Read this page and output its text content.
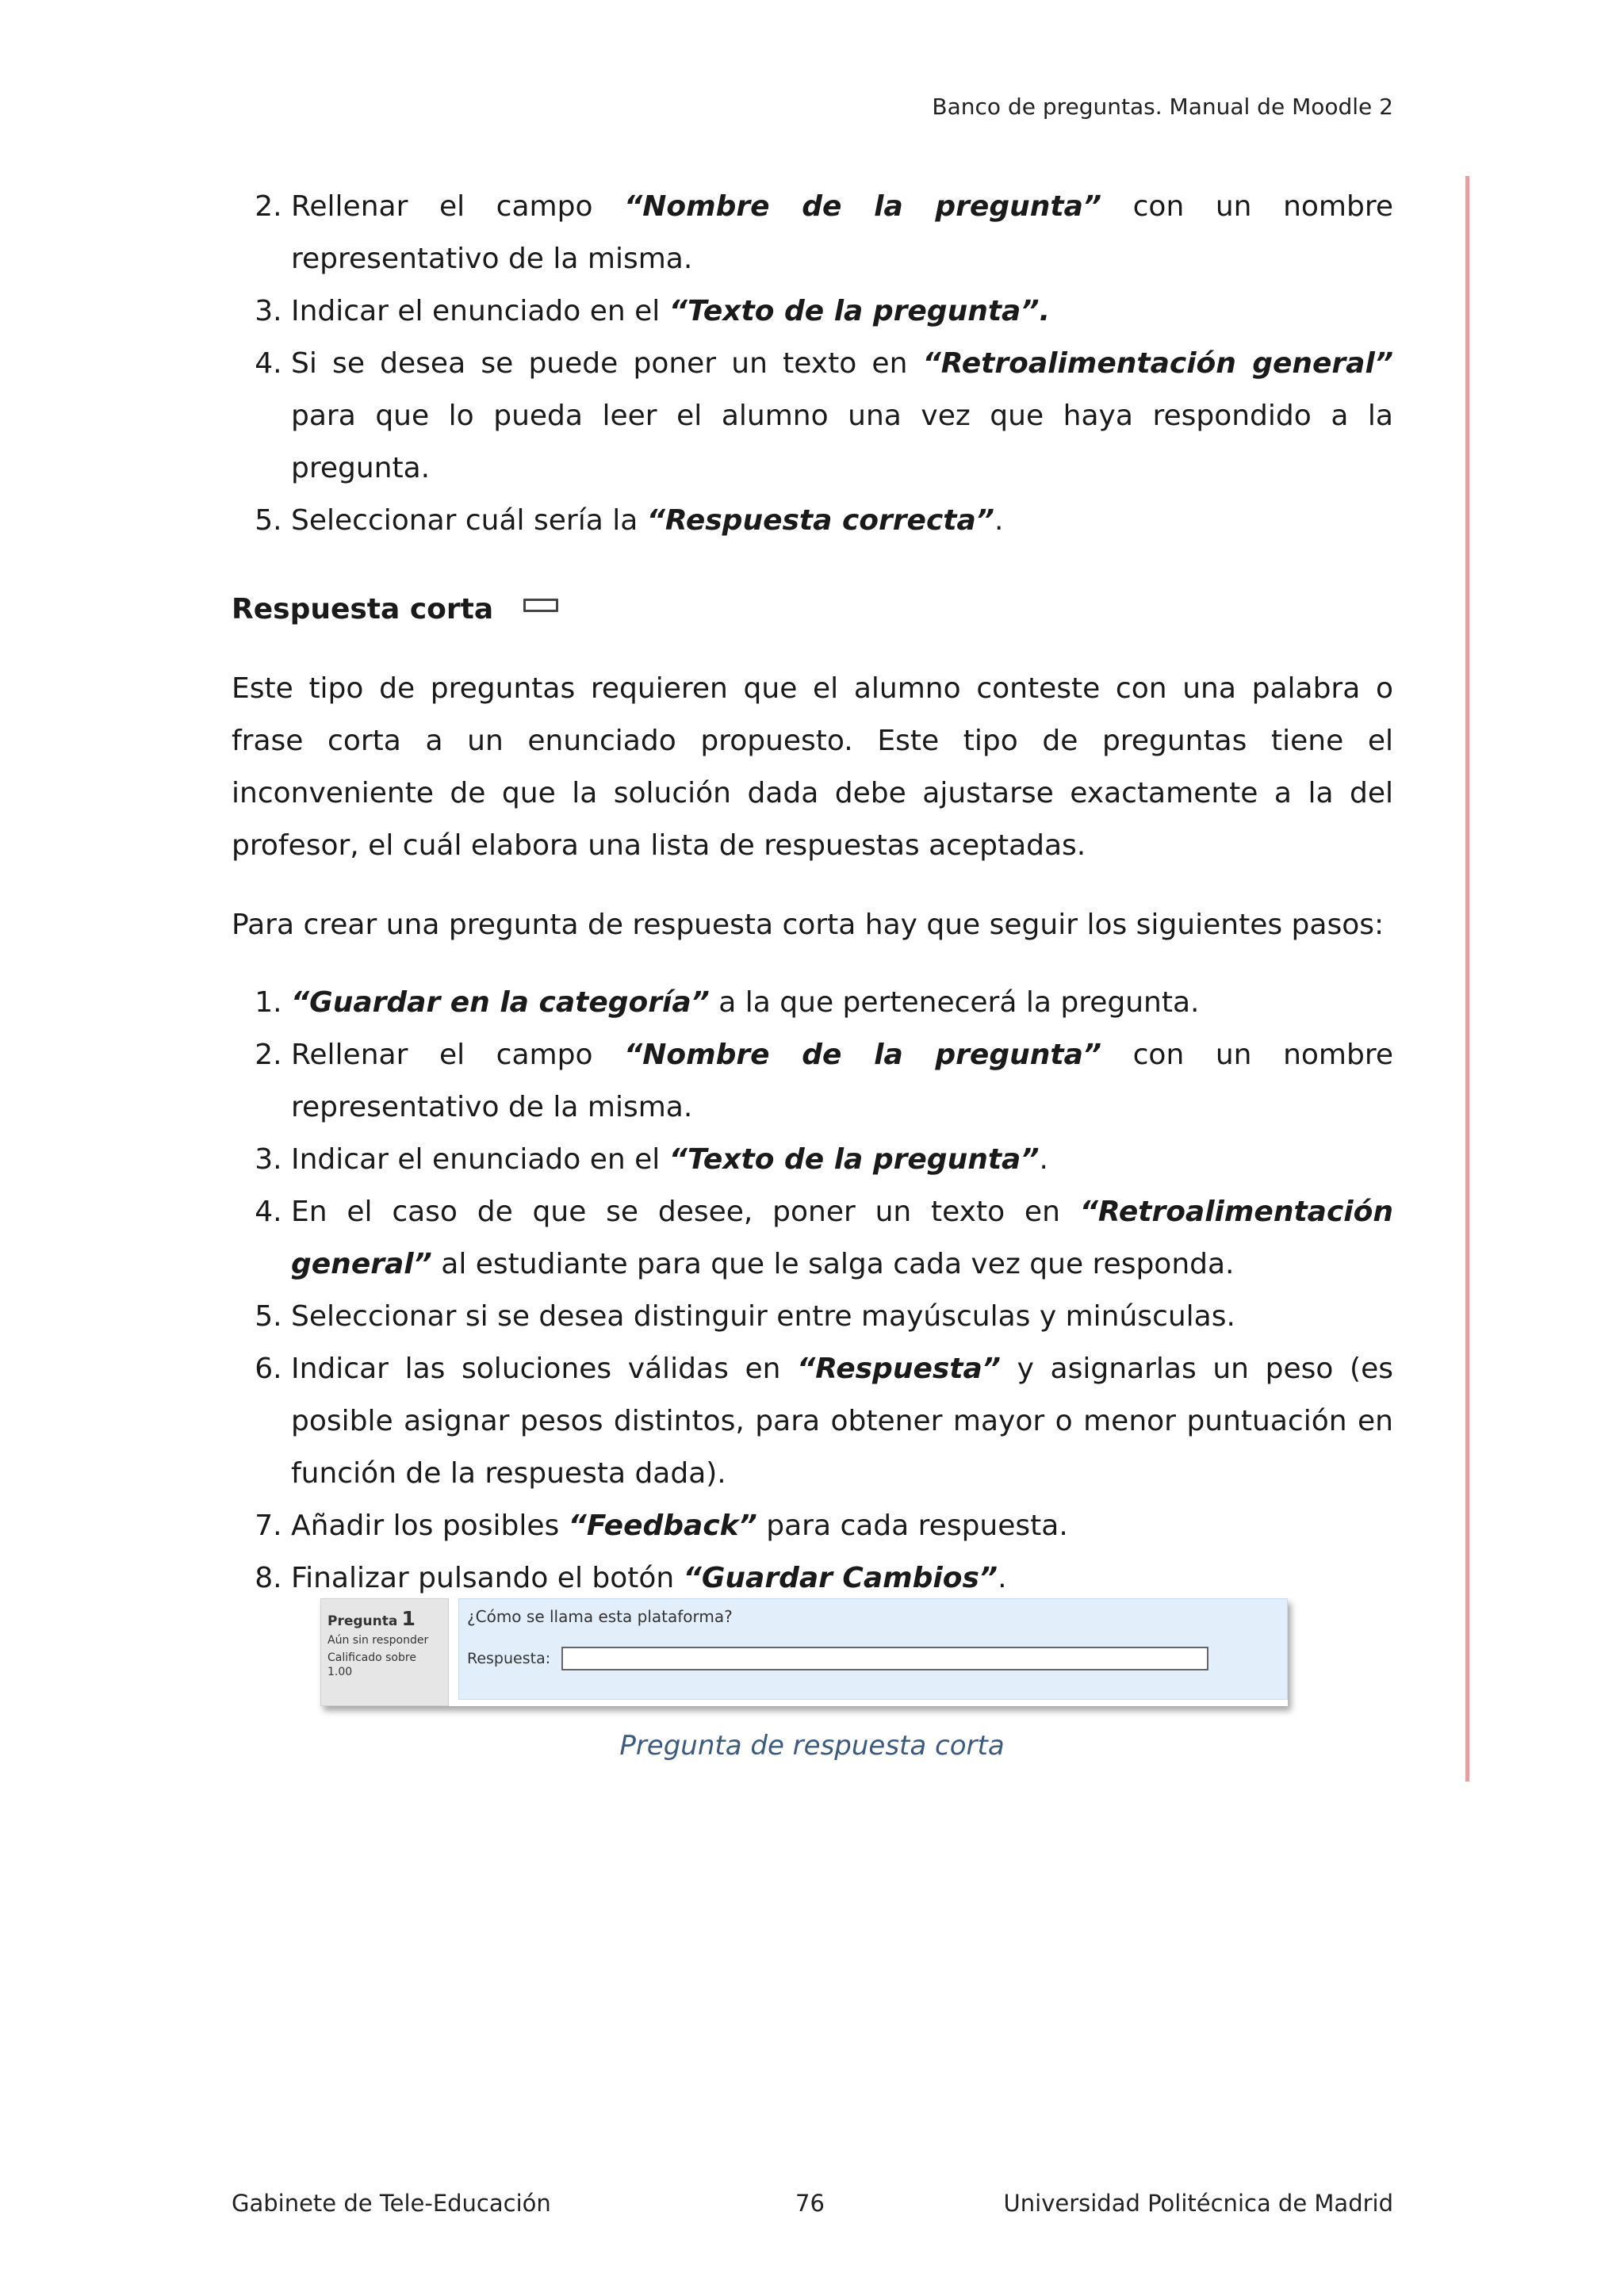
Banco de preguntas. Manual de Moodle 2
2. Rellenar el campo “Nombre de la pregunta” con un nombre representativo de la misma.
3. Indicar el enunciado en el “Texto de la pregunta”.
4. Si se desea se puede poner un texto en “Retroalimentación general” para que lo pueda leer el alumno una vez que haya respondido a la pregunta.
5. Seleccionar cuál sería la “Respuesta correcta”.
Respuesta corta

Este tipo de preguntas requieren que el alumno conteste con una palabra o frase corta a un enunciado propuesto. Este tipo de preguntas tiene el inconveniente de que la solución dada debe ajustarse exactamente a la del profesor, el cuál elabora una lista de respuestas aceptadas.

Para crear una pregunta de respuesta corta hay que seguir los siguientes pasos:

1. “Guardar en la categoría” a la que pertenecerá la pregunta.
2. Rellenar el campo “Nombre de la pregunta” con un nombre representativo de la misma.
3. Indicar el enunciado en el “Texto de la pregunta”.
4. En el caso de que se desee, poner un texto en “Retroalimentación general” al estudiante para que le salga cada vez que responda.
5. Seleccionar si se desea distinguir entre mayúsculas y minúsculas.
6. Indicar las soluciones válidas en “Respuesta” y asignarlas un peso (es posible asignar pesos distintos, para obtener mayor o menor puntuación en función de la respuesta dada).
7. Añadir los posibles “Feedback” para cada respuesta.
8. Finalizar pulsando el botón “Guardar Cambios”.
Pregunta 1
Aún sin responder
Calificado sobre 1.00
¿Cómo se llama esta plataforma?
Respuesta:
Pregunta de respuesta corta
Gabinete de Tele-Educación	76	Universidad Politécnica de Madrid
